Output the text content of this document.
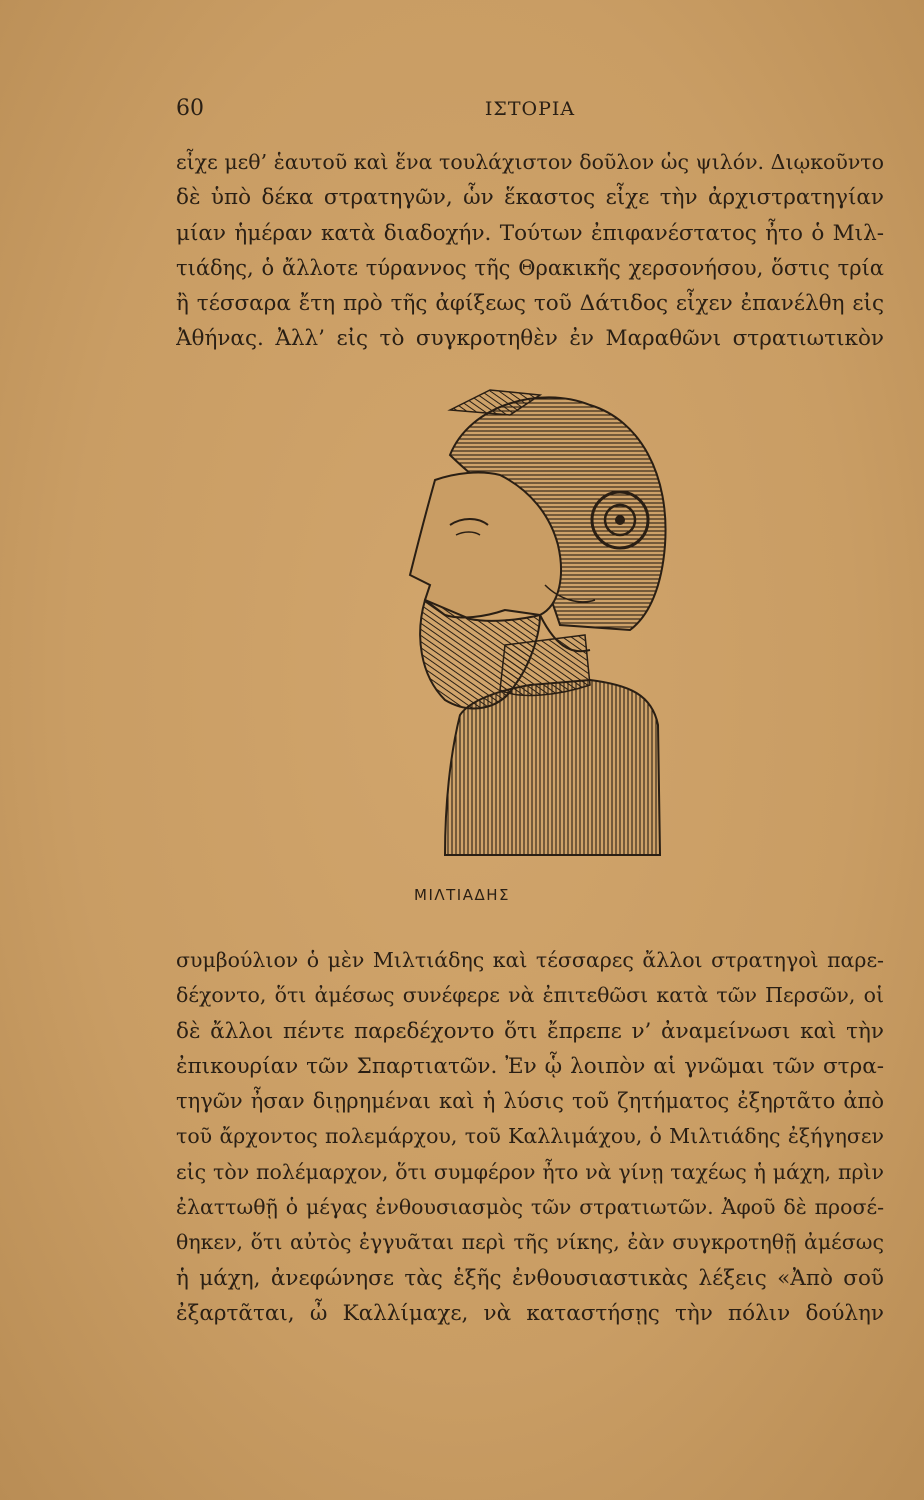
60	ΙΣΤΟΡΙΑ
εἶχε μεθ’ ἑαυτοῦ καὶ ἕνα τουλάχιστον δοῦλον ὡς ψιλόν. Διῳκοῦντο
δὲ ὑπὸ δέκα στρατηγῶν, ὧν ἕκαστος εἶχε τὴν ἀρχιστρατηγίαν
μίαν ἡμέραν κατὰ διαδοχήν. Τούτων ἐπιφανέστατος ἦτο ὁ Μιλ-
τιάδης, ὁ ἄλλοτε τύραννος τῆς Θρακικῆς χερσονήσου, ὅστις τρία
ἢ τέσσαρα ἔτη πρὸ τῆς ἀφίξεως τοῦ Δάτιδος εἶχεν ἐπανέλθη εἰς
Ἀθήνας. Ἀλλ’ εἰς τὸ συγκροτηθὲν ἐν Μαραθῶνι στρατιωτικὸν
ΜΙΛΤΙΑΔΗΣ
συμβούλιον ὁ μὲν Μιλτιάδης καὶ τέσσαρες ἄλλοι στρατηγοὶ παρε-
δέχοντο, ὅτι ἀμέσως συνέφερε νὰ ἐπιτεθῶσι κατὰ τῶν Περσῶν, οἱ
δὲ ἄλλοι πέντε παρεδέχοντο ὅτι ἔπρεπε ν’ ἀναμείνωσι καὶ τὴν
ἐπικουρίαν τῶν Σπαρτιατῶν. Ἐν ᾧ λοιπὸν αἱ γνῶμαι τῶν στρα-
τηγῶν ἦσαν διῃρημέναι καὶ ἡ λύσις τοῦ ζητήματος ἐξηρτᾶτο ἀπὸ
τοῦ ἄρχοντος πολεμάρχου, τοῦ Καλλιμάχου, ὁ Μιλτιάδης ἐξήγησεν
εἰς τὸν πολέμαρχον, ὅτι συμφέρον ἦτο νὰ γίνῃ ταχέως ἡ μάχη, πρὶν
ἐλαττωθῇ ὁ μέγας ἐνθουσιασμὸς τῶν στρατιωτῶν. Ἀφοῦ δὲ προσέ-
θηκεν, ὅτι αὐτὸς ἐγγυᾶται περὶ τῆς νίκης, ἐὰν συγκροτηθῇ ἀμέσως
ἡ μάχη, ἀνεφώνησε τὰς ἑξῆς ἐνθουσιαστικὰς λέξεις «Ἀπὸ σοῦ
ἐξαρτᾶται, ὦ Καλλίμαχε, νὰ καταστήσῃς τὴν πόλιν δούλην
